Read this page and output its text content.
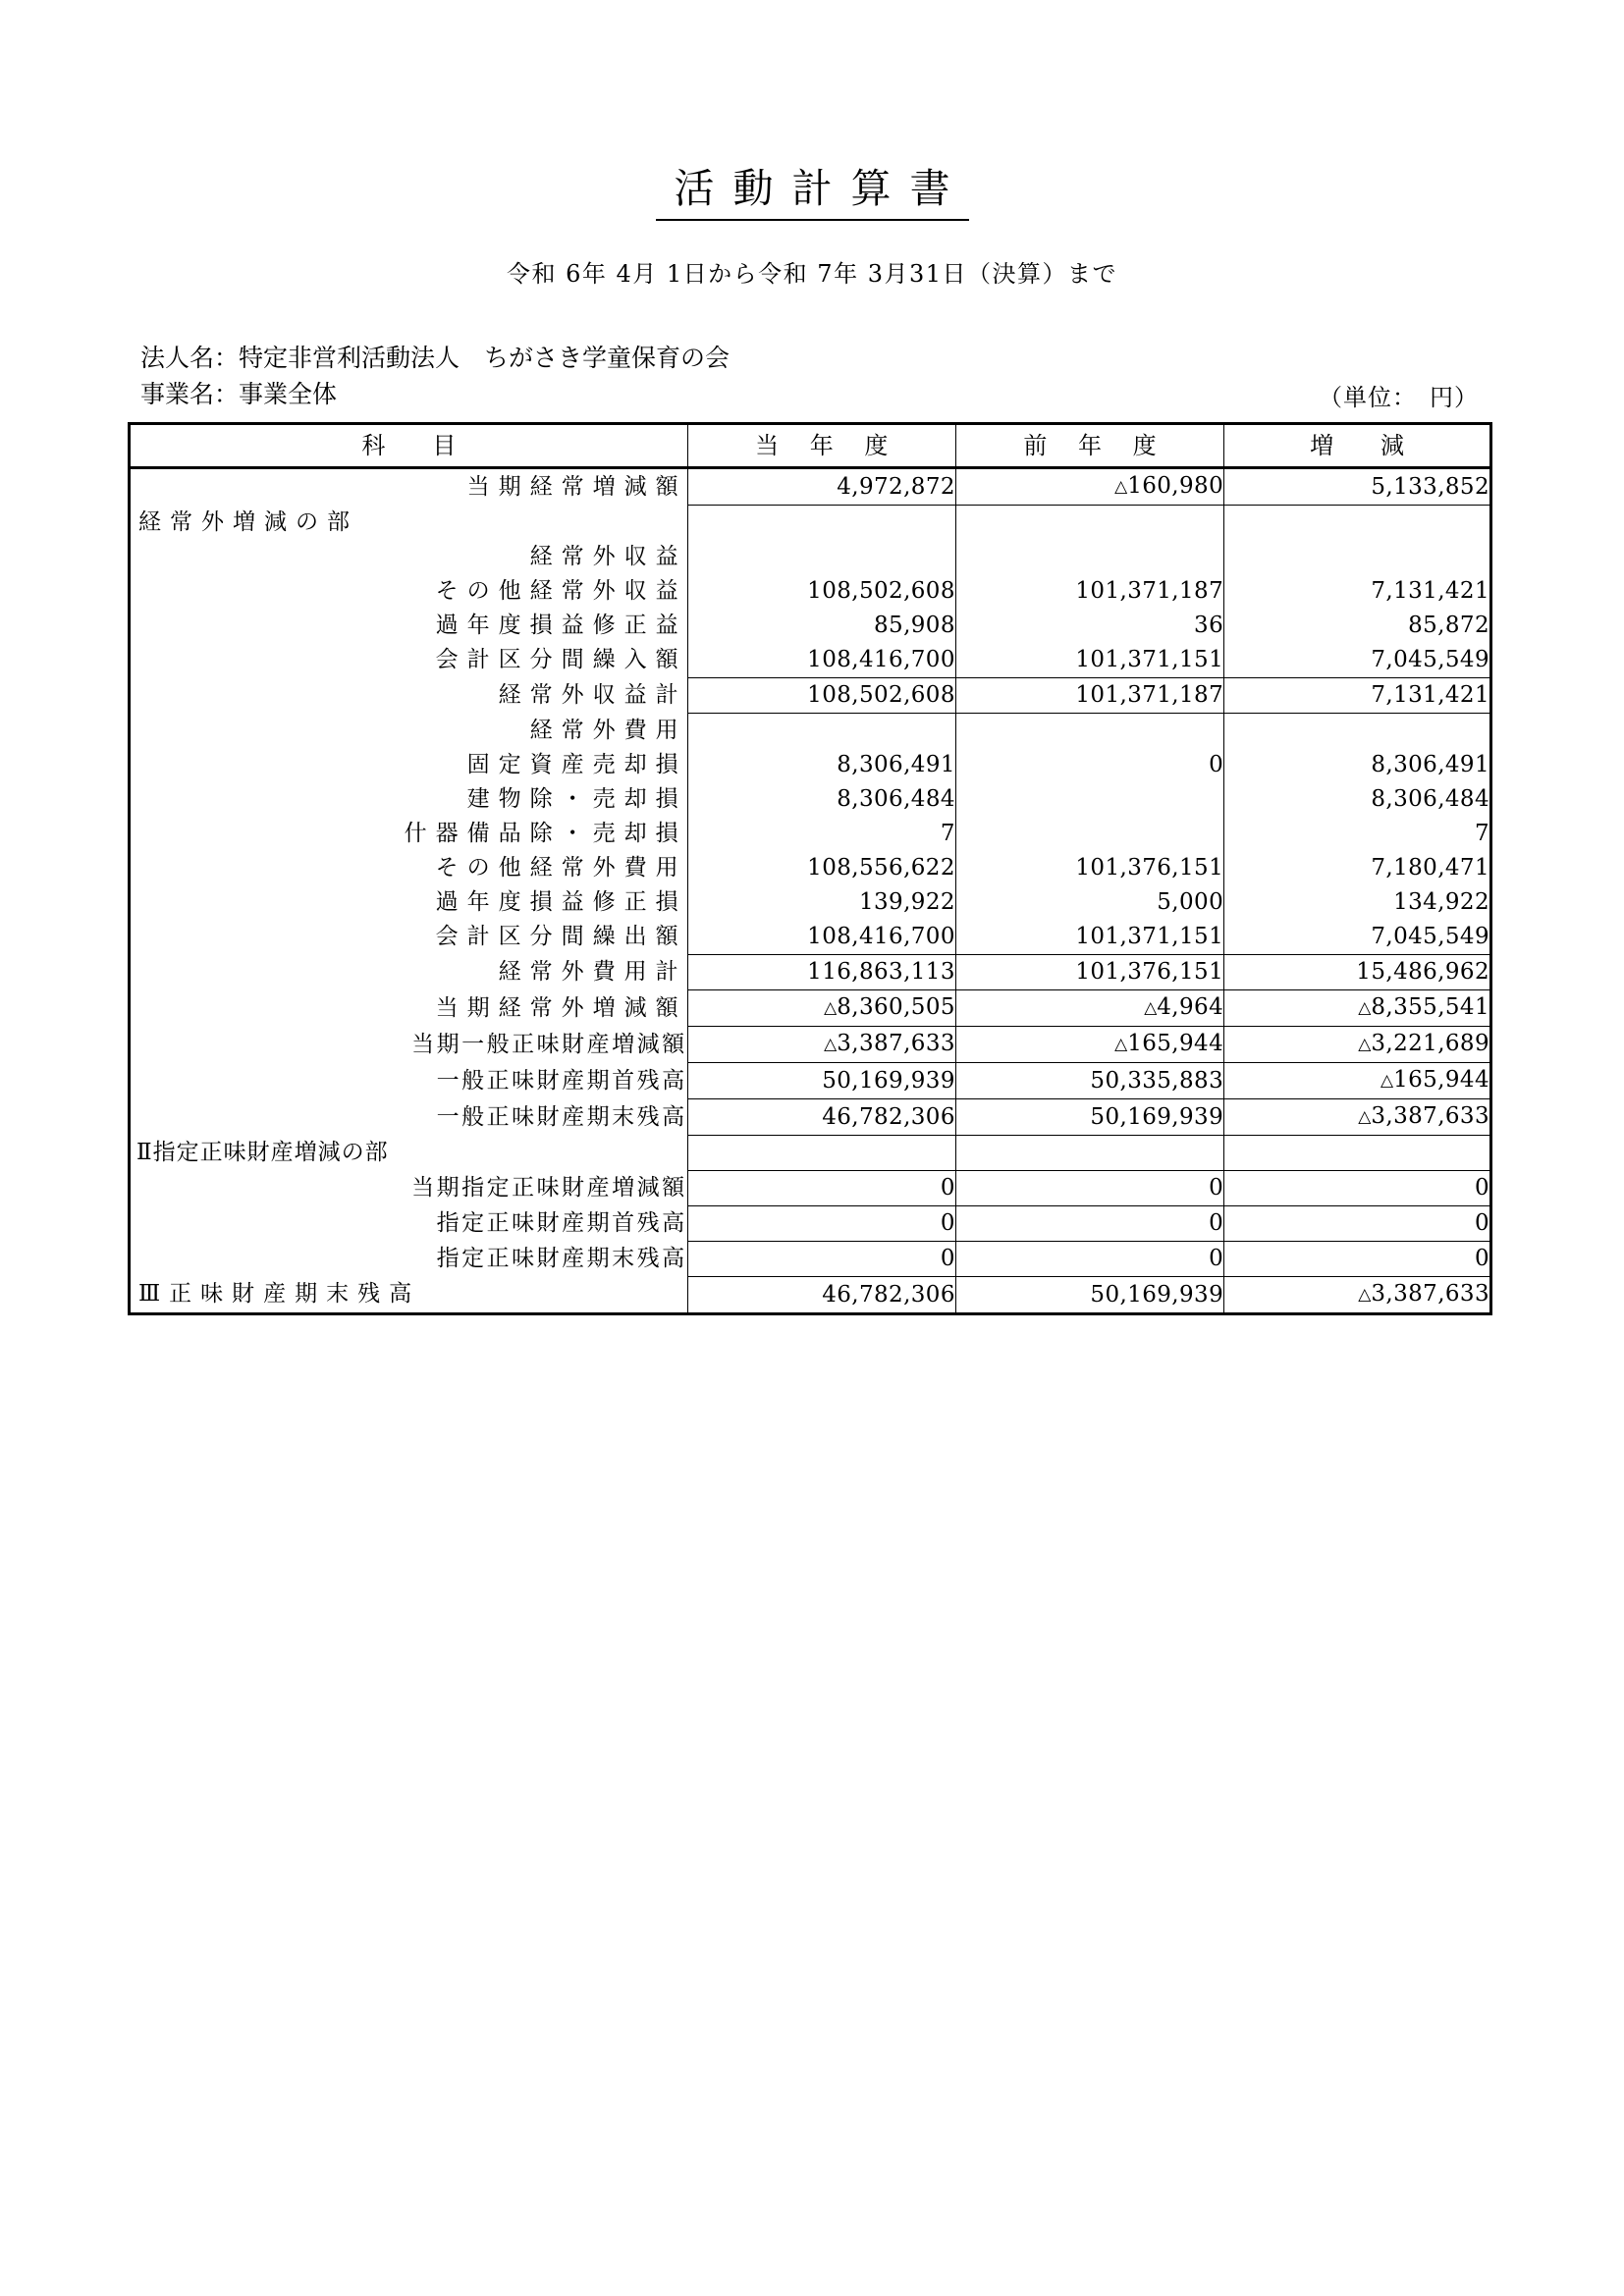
活動計算書
令和 6年 4月 1日から令和 7年 3月31日（決算）まで
法人名：特定非営利活動法人　ちがさき学童保育の会
事業名：事業全体	（単位：　円）
科　目	当 年 度	前 年 度	増　減
当期経常増減額	4,972,872	△160,980	5,133,852
経常外増減の部			
経常外収益			
その他経常外収益	108,502,608	101,371,187	7,131,421
過年度損益修正益	85,908	36	85,872
会計区分間繰入額	108,416,700	101,371,151	7,045,549
経常外収益計	108,502,608	101,371,187	7,131,421
経常外費用			
固定資産売却損	8,306,491	0	8,306,491
建物除・売却損	8,306,484		8,306,484
什器備品除・売却損	7		7
その他経常外費用	108,556,622	101,376,151	7,180,471
過年度損益修正損	139,922	5,000	134,922
会計区分間繰出額	108,416,700	101,371,151	7,045,549
経常外費用計	116,863,113	101,376,151	15,486,962
当期経常外増減額	△8,360,505	△4,964	△8,355,541
当期一般正味財産増減額	△3,387,633	△165,944	△3,221,689
一般正味財産期首残高	50,169,939	50,335,883	△165,944
一般正味財産期末残高	46,782,306	50,169,939	△3,387,633
Ⅱ指定正味財産増減の部			
当期指定正味財産増減額	0	0	0
指定正味財産期首残高	0	0	0
指定正味財産期末残高	0	0	0
Ⅲ正味財産期末残高	46,782,306	50,169,939	△3,387,633
